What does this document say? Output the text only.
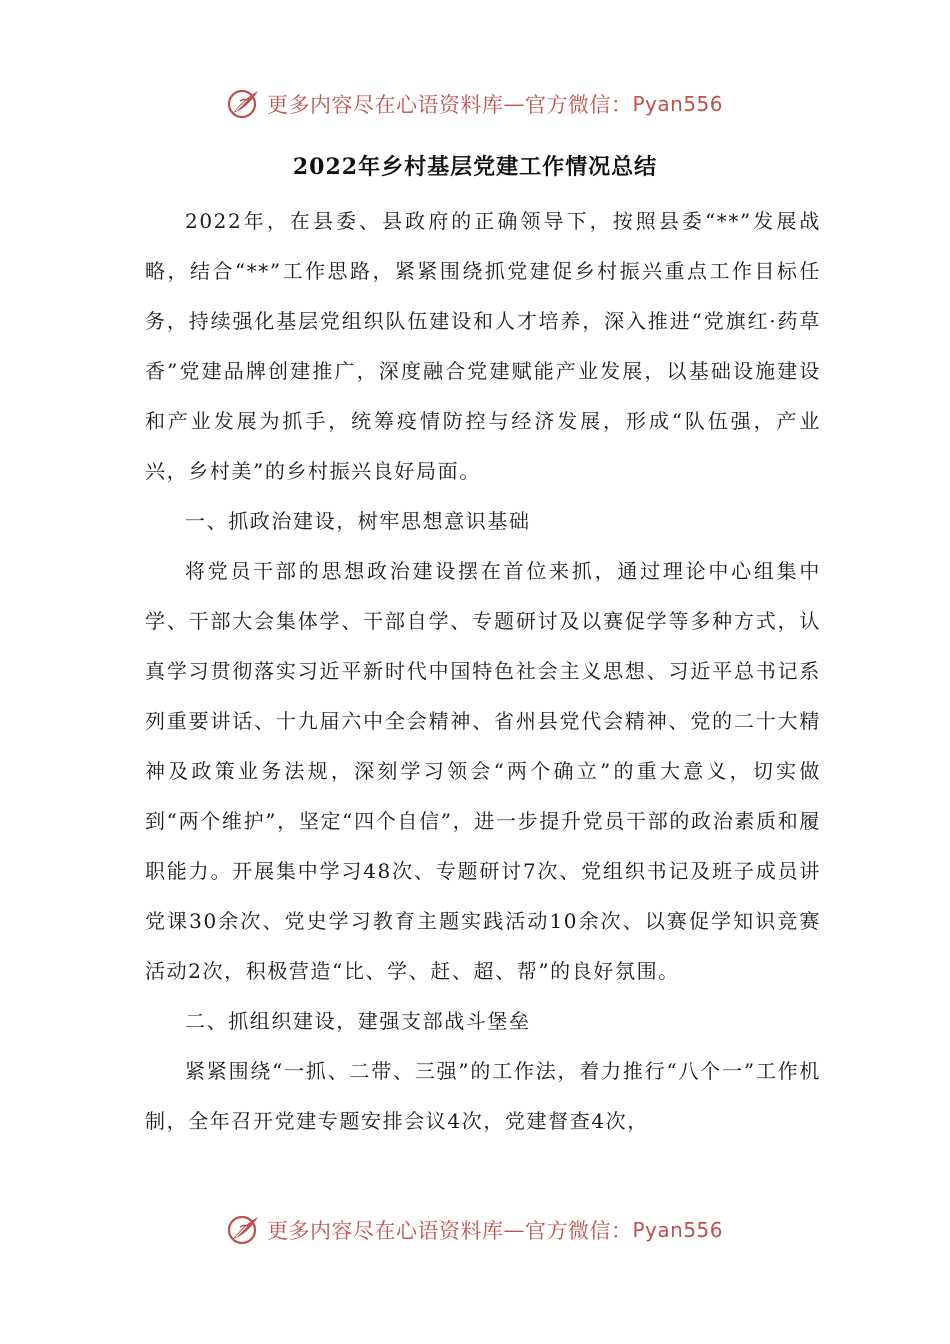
更多内容尽在心语资料库 — 官方微信： Pyan556
2022年乡村基层党建工作情况总结

2022年，在县委、县政府的正确领导下，按照县委“**”发展战略，结合“**”工作思路，紧紧围绕抓党建促乡村振兴重点工作目标任务，持续强化基层党组织队伍建设和人才培养，深入推进“党旗红·药草香”党建品牌创建推广，深度融合党建赋能产业发展，以基础设施建设和产业发展为抓手，统筹疫情防控与经济发展，形成“队伍强，产业兴，乡村美”的乡村振兴良好局面。

一、抓政治建设，树牢思想意识基础

将党员干部的思想政治建设摆在首位来抓，通过理论中心组集中学、干部大会集体学、干部自学、专题研讨及以赛促学等多种方式，认真学习贯彻落实习近平新时代中国特色社会主义思想、习近平总书记系列重要讲话、十九届六中全会精神、省州县党代会精神、党的二十大精神及政策业务法规，深刻学习领会“两个确立”的重大意义，切实做到“两个维护”，坚定“四个自信”，进一步提升党员干部的政治素质和履职能力。开展集中学习48次、专题研讨7次、党组织书记及班子成员讲党课30余次、党史学习教育主题实践活动10余次、以赛促学知识竞赛活动2次，积极营造“比、学、赶、超、帮”的良好氛围。

二、抓组织建设，建强支部战斗堡垒

紧紧围绕“一抓、二带、三强”的工作法，着力推行“八个一”工作机制，全年召开党建专题安排会议4次，党建督查4次，

更多内容尽在心语资料库 — 官方微信： Pyan556
